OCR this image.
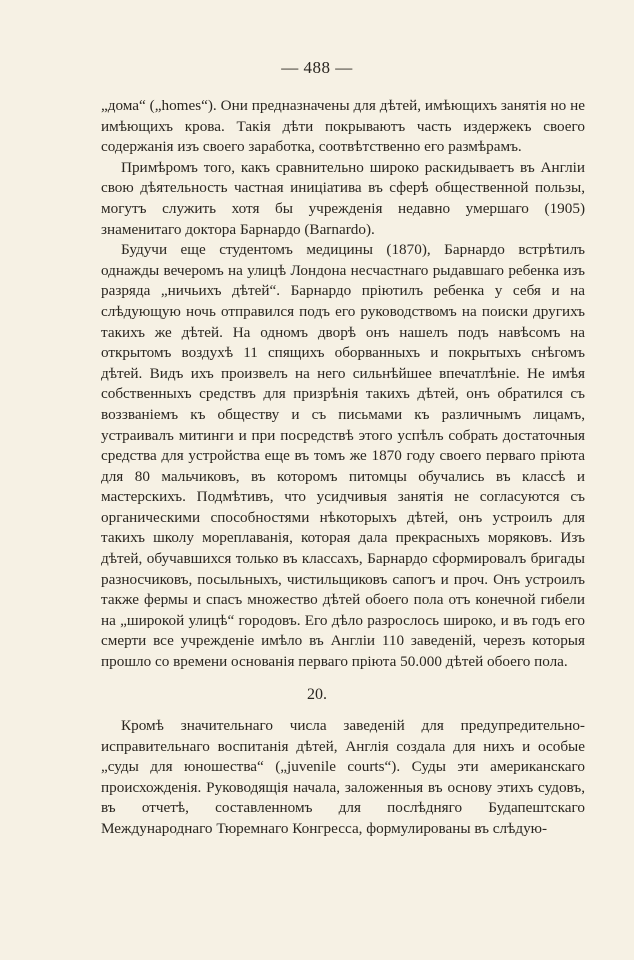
— 488 —

„дома“ („homes“). Они предназначены для дѣтей, имѣющихъ занятія но не имѣющихъ крова. Такія дѣти покрываютъ часть издержекъ своего содержанія изъ своего заработка, соотвѣтственно его размѣрамъ.

Примѣромъ того, какъ сравнительно широко раскидываетъ въ Англіи свою дѣятельность частная иниціатива въ сферѣ общественной пользы, могутъ служить хотя бы учрежденія недавно умершаго (1905) знаменитаго доктора Барнардо (Barnardo).

Будучи еще студентомъ медицины (1870), Барнардо встрѣтилъ однажды вечеромъ на улицѣ Лондона несчастнаго рыдавшаго ребенка изъ разряда „ничьихъ дѣтей“. Барнардо пріютилъ ребенка у себя и на слѣдующую ночь отправился подъ его руководствомъ на поиски другихъ такихъ же дѣтей. На одномъ дворѣ онъ нашелъ подъ навѣсомъ на открытомъ воздухѣ 11 спящихъ оборванныхъ и покрытыхъ снѣгомъ дѣтей. Видъ ихъ произвелъ на него сильнѣйшее впечатлѣніе. Не имѣя собственныхъ средствъ для призрѣнія такихъ дѣтей, онъ обратился съ воззваніемъ къ обществу и съ письмами къ различнымъ лицамъ, устраивалъ митинги и при посредствѣ этого успѣлъ собрать достаточныя средства для устройства еще въ томъ же 1870 году своего перваго пріюта для 80 мальчиковъ, въ которомъ питомцы обучались въ классѣ и мастерскихъ. Подмѣтивъ, что усидчивыя занятія не согласуются съ органическими способностями нѣкоторыхъ дѣтей, онъ устроилъ для такихъ школу мореплаванія, которая дала прекрасныхъ моряковъ. Изъ дѣтей, обучавшихся только въ классахъ, Барнардо сформировалъ бригады разносчиковъ, посыльныхъ, чистильщиковъ сапогъ и проч. Онъ устроилъ также фермы и спасъ множество дѣтей обоего пола отъ конечной гибели на „широкой улицѣ“ городовъ. Его дѣло разрослось широко, и въ годъ его смерти все учрежденіе имѣло въ Англіи 110 заведеній, черезъ которыя прошло со времени основанія перваго пріюта 50.000 дѣтей обоего пола.

20.

Кромѣ значительнаго числа заведеній для предупредительно-исправительнаго воспитанія дѣтей, Англія создала для нихъ и особые „суды для юношества“ („juvenile courts“). Суды эти американскаго происхожденія. Руководящія начала, заложенныя въ основу этихъ судовъ, въ отчетѣ, составленномъ для послѣдняго Будапештскаго Международнаго Тюремнаго Конгресса, формулированы въ слѣдую-
